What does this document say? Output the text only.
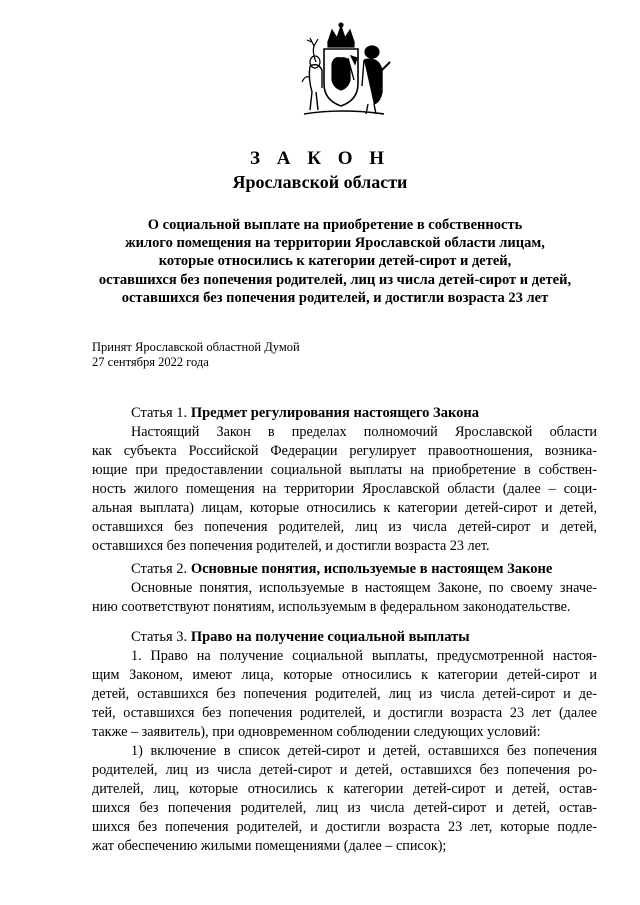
З А К О Н
Ярославской области
О социальной выплате на приобретение в собственность
жилого помещения на территории Ярославской области лицам,
которые относились к категории детей-сирот и детей,
оставшихся без попечения родителей, лиц из числа детей-сирот и детей,
оставшихся без попечения родителей, и достигли возраста 23 лет
Принят Ярославской областной Думой
27 сентября 2022 года
Статья 1. Предмет регулирования настоящего Закона
Настоящий Закон в пределах полномочий Ярославской области
как субъекта Российской Федерации регулирует правоотношения, возника-
ющие при предоставлении социальной выплаты на приобретение в собствен-
ность жилого помещения на территории Ярославской области (далее – соци-
альная выплата) лицам, которые относились к категории детей-сирот и детей,
оставшихся без попечения родителей, лиц из числа детей-сирот и детей,
оставшихся без попечения родителей, и достигли возраста 23 лет.
Статья 2. Основные понятия, используемые в настоящем Законе
Основные понятия, используемые в настоящем Законе, по своему значе-
нию соответствуют понятиям, используемым в федеральном законодательстве.
Статья 3. Право на получение социальной выплаты
1. Право на получение социальной выплаты, предусмотренной настоя-
щим Законом, имеют лица, которые относились к категории детей-сирот и
детей, оставшихся без попечения родителей, лиц из числа детей-сирот и де-
тей, оставшихся без попечения родителей, и достигли возраста 23 лет (далее
также – заявитель), при одновременном соблюдении следующих условий:
1) включение в список детей-сирот и детей, оставшихся без попечения
родителей, лиц из числа детей-сирот и детей, оставшихся без попечения ро-
дителей, лиц, которые относились к категории детей-сирот и детей, остав-
шихся без попечения родителей, лиц из числа детей-сирот и детей, остав-
шихся без попечения родителей, и достигли возраста 23 лет, которые подле-
жат обеспечению жилыми помещениями (далее – список);
